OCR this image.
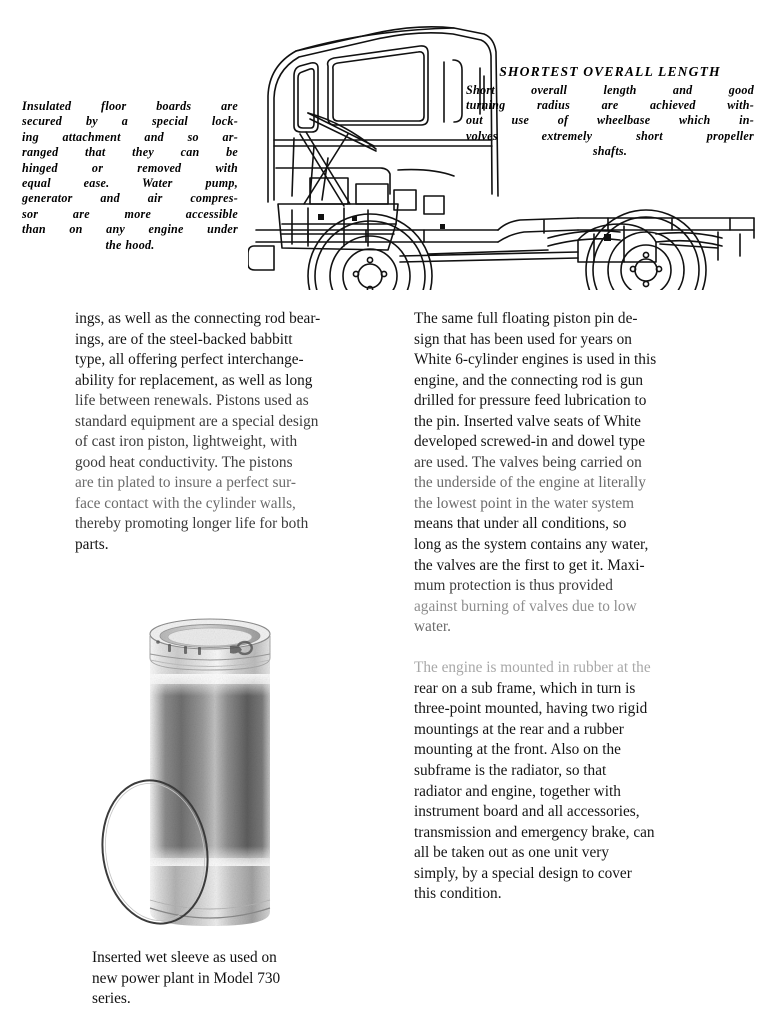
Insulated floor boards are
secured by a special lock-
ing attachment and so ar-
ranged that they can be
hinged or removed with
equal ease. Water pump,
generator and air compres-
sor are more accessible
than on any engine under
the hood.
SHORTEST OVERALL LENGTH
Short overall length and good
turning radius are achieved with-
out use of wheelbase which in-
volves extremely short propeller
shafts.

ings, as well as the connecting rod bear-
ings, are of the steel-backed babbitt
type, all offering perfect interchange-
ability for replacement, as well as long
life between renewals. Pistons used as
standard equipment are a special design
of cast iron piston, lightweight, with
good heat conductivity. The pistons
are tin plated to insure a perfect sur-
face contact with the cylinder walls,
thereby promoting longer life for both
parts.

The same full floating piston pin de-
sign that has been used for years on
White 6-cylinder engines is used in this
engine, and the connecting rod is gun
drilled for pressure feed lubrication to
the pin. Inserted valve seats of White
developed screwed-in and dowel type
are used. The valves being carried on
the underside of the engine at literally
the lowest point in the water system
means that under all conditions, so
long as the system contains any water,
the valves are the first to get it. Maxi-
mum protection is thus provided
against burning of valves due to low
water.

The engine is mounted in rubber at the
rear on a sub frame, which in turn is
three-point mounted, having two rigid
mountings at the rear and a rubber
mounting at the front. Also on the
subframe is the radiator, so that
radiator and engine, together with
instrument board and all accessories,
transmission and emergency brake, can
all be taken out as one unit very
simply, by a special design to cover
this condition.

Inserted wet sleeve as used on
new power plant in Model 730
series.
